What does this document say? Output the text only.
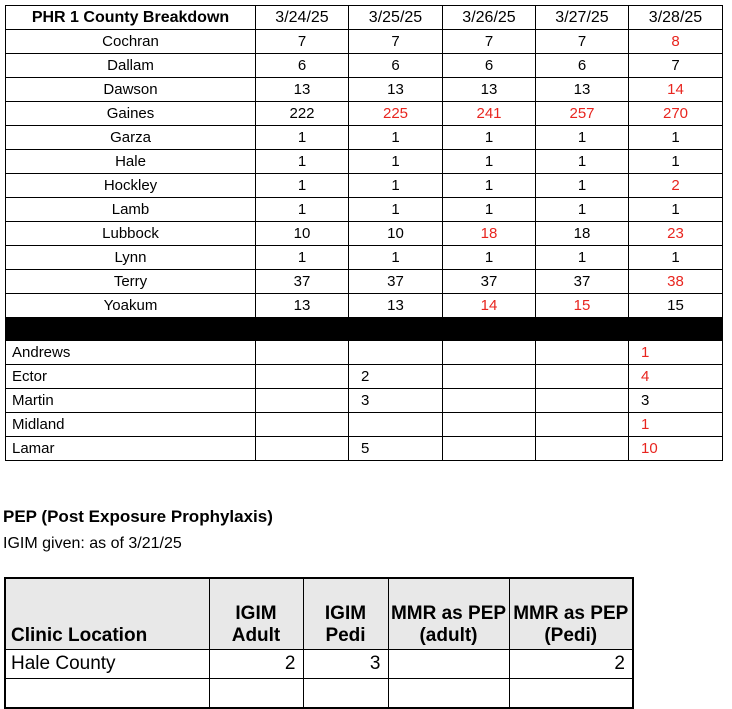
PHR 1 County Breakdown	3/24/25	3/25/25	3/26/25	3/27/25	3/28/25
Cochran	7	7	7	7	8
Dallam	6	6	6	6	7
Dawson	13	13	13	13	14
Gaines	222	225	241	257	270
Garza	1	1	1	1	1
Hale	1	1	1	1	1
Hockley	1	1	1	1	2
Lamb	1	1	1	1	1
Lubbock	10	10	18	18	23
Lynn	1	1	1	1	1
Terry	37	37	37	37	38
Yoakum	13	13	14	15	15

Andrews					1
Ector		2			4
Martin		3			3
Midland					1
Lamar		5			10
PEP (Post Exposure Prophylaxis)
IGIM given: as of 3/21/25
Clinic Location	IGIM Adult	IGIM Pedi	MMR as PEP (adult)	MMR as PEP (Pedi)
Hale County	2	3		2
